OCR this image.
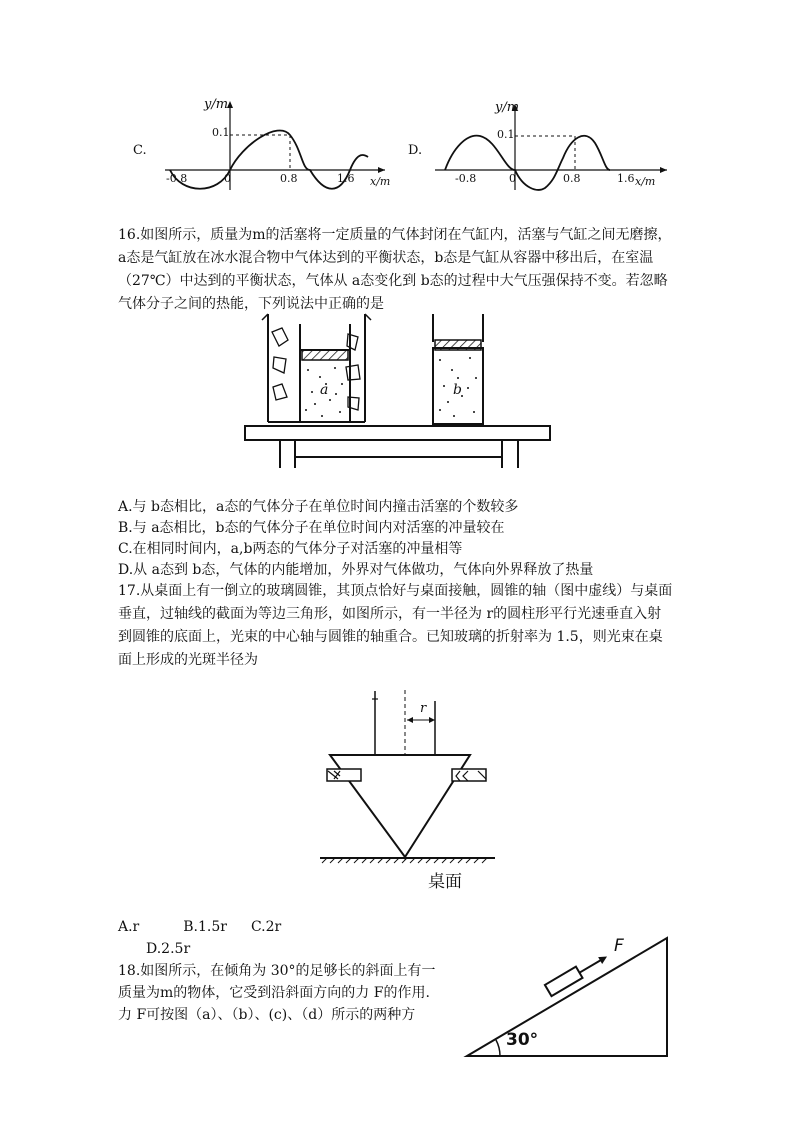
C.
y/m
0.1
0
-0.8	0.8	1.6 x/m
D.
y/m
0.1
0
-0.8	0.8	1.6 x/m
16.如图所示，质量为m的活塞将一定质量的气体封闭在气缸内，活塞与气缸之间无磨擦，
a态是气缸放在冰水混合物中气体达到的平衡状态，b态是气缸从容器中移出后，在室温
（27℃）中达到的平衡状态，气体从 a态变化到 b态的过程中大气压强保持不变。若忽略
气体分子之间的热能，下列说法中正确的是
a	b
A.与 b态相比，a态的气体分子在单位时间内撞击活塞的个数较多
B.与 a态相比，b态的气体分子在单位时间内对活塞的冲量较在
C.在相同时间内，a,b两态的气体分子对活塞的冲量相等
D.从 a态到 b态，气体的内能增加，外界对气体做功，气体向外界释放了热量
17.从桌面上有一倒立的玻璃圆锥，其顶点恰好与桌面接触，圆锥的轴（图中虚线）与桌面
垂直，过轴线的截面为等边三角形，如图所示，有一半径为 r的圆柱形平行光速垂直入射
到圆锥的底面上，光束的中心轴与圆锥的轴重合。已知玻璃的折射率为 1.5，则光束在桌
面上形成的光斑半径为
r
桌面
A.r	B.1.5r C.2r
D.2.5r
18.如图所示，在倾角为 30°的足够长的斜面上有一
质量为m的物体，它受到沿斜面方向的力 F的作用.
力 F可按图（a）、（b）、(c)、（d）所示的两种方
F
30°
